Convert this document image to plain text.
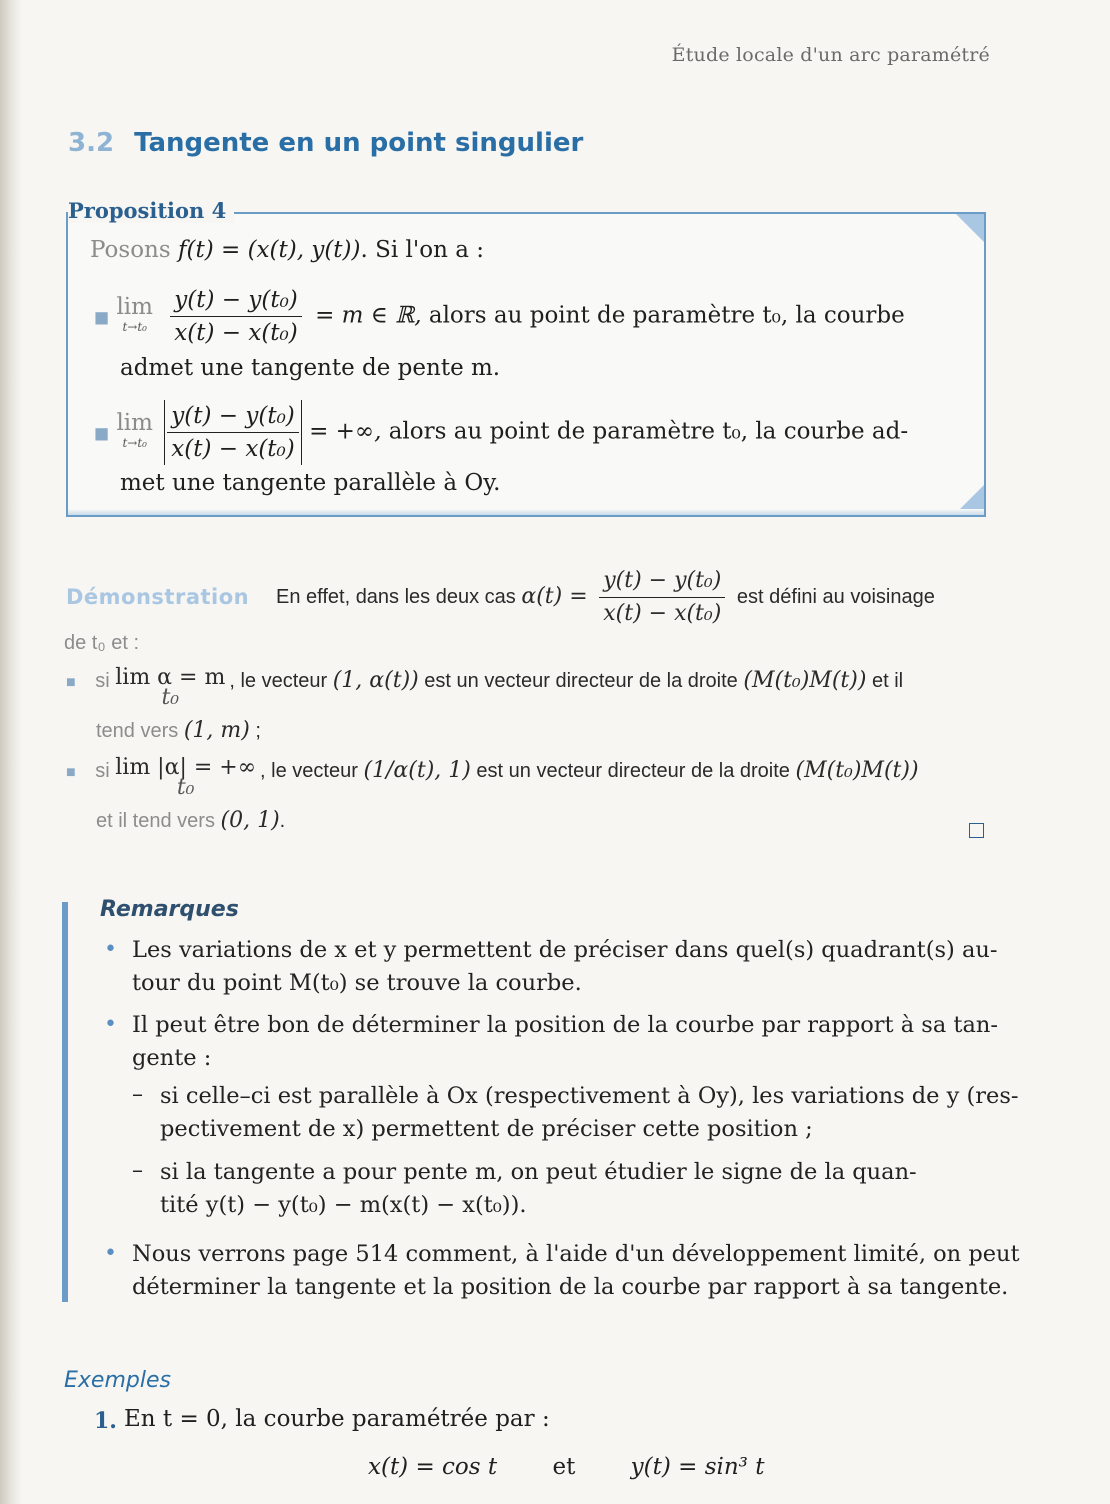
Étude locale d'un arc paramétré
3.2 Tangente en un point singulier
Proposition 4
Posons f(t) = (x(t), y(t)). Si l'on a :
■ lim
t→t₀
$\frac{\text{y(t) − y(t₀)}}{\text{x(t) − x(t₀)}} = m$ ∈ ℝ, alors au point de paramètre t₀, la courbe
admet une tangente de pente m.
■ lim
t→t₀
$\frac{\text{y(t) − y(t₀)}}{\text{x(t) − x(t₀)}}$ = +∞, alors au point de paramètre t₀, la courbe ad-
met une tangente parallèle à Oy.
Démonstration En effet, dans les deux cas $\alpha(t) = \frac{\text{y(t) − y(t₀)}}{\text{x(t) − x(t₀)}}$ est défini au voisinage
de t₀ et :
■ si lim α = m
t₀
, le vecteur (1, α(t)) est un vecteur directeur de la droite (M(t₀)M(t)) et il
tend vers (1, m) ;
■ si lim |α| = +∞
t₀
, le vecteur (1/α(t), 1) est un vecteur directeur de la droite (M(t₀)M(t))
et il tend vers (0, 1).
Remarques
• Les variations de x et y permettent de préciser dans quel(s) quadrant(s) au-
tour du point M(t₀) se trouve la courbe.
• Il peut être bon de déterminer la position de la courbe par rapport à sa tan-
gente :
– si celle–ci est parallèle à Ox (respectivement à Oy), les variations de y (res-
pectivement de x) permettent de préciser cette position ;
– si la tangente a pour pente m, on peut étudier le signe de la quan-
tité y(t) − y(t₀) − m(x(t) − x(t₀)).
• Nous verrons page 514 comment, à l'aide d'un développement limité, on peut
déterminer la tangente et la position de la courbe par rapport à sa tangente.
Exemples
1. En t = 0, la courbe paramétrée par :
x(t) = cos t et y(t) = sin³ t
